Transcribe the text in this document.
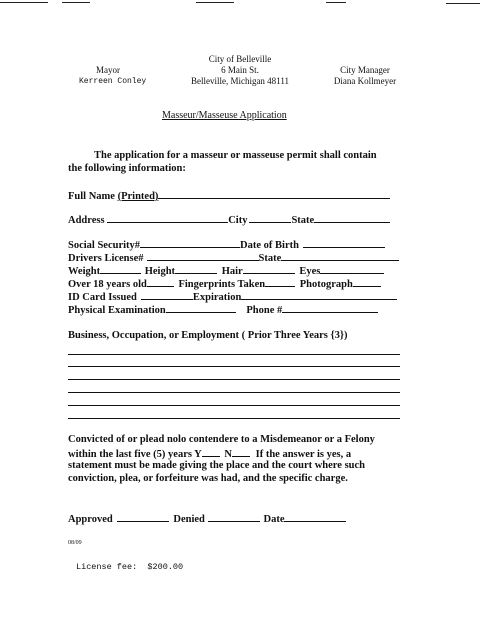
City of Belleville
6 Main St.
Belleville, Michigan 48111
Mayor
Kerreen Conley
City Manager
Diana Kollmeyer
Masseur/Masseuse Application
The application for a masseur or masseuse permit shall contain
the following information:
Full Name (Printed)
Address	City	State
Social Security#	Date of Birth
Drivers License#	State
Weight	Height	Hair	Eyes
Over 18 years old	Fingerprints Taken	Photograph
ID Card Issued	Expiration
Physical Examination	Phone #
Business, Occupation, or Employment ( Prior Three Years {3})
Convicted of or plead nolo contendere to a Misdemeanor or a Felony
within the last five (5) years Y N If the answer is yes, a
statement must be made giving the place and the court where such
conviction, plea, or forfeiture was had, and the specific charge.
Approved	Denied	Date
08/09
License fee:  $200.00
